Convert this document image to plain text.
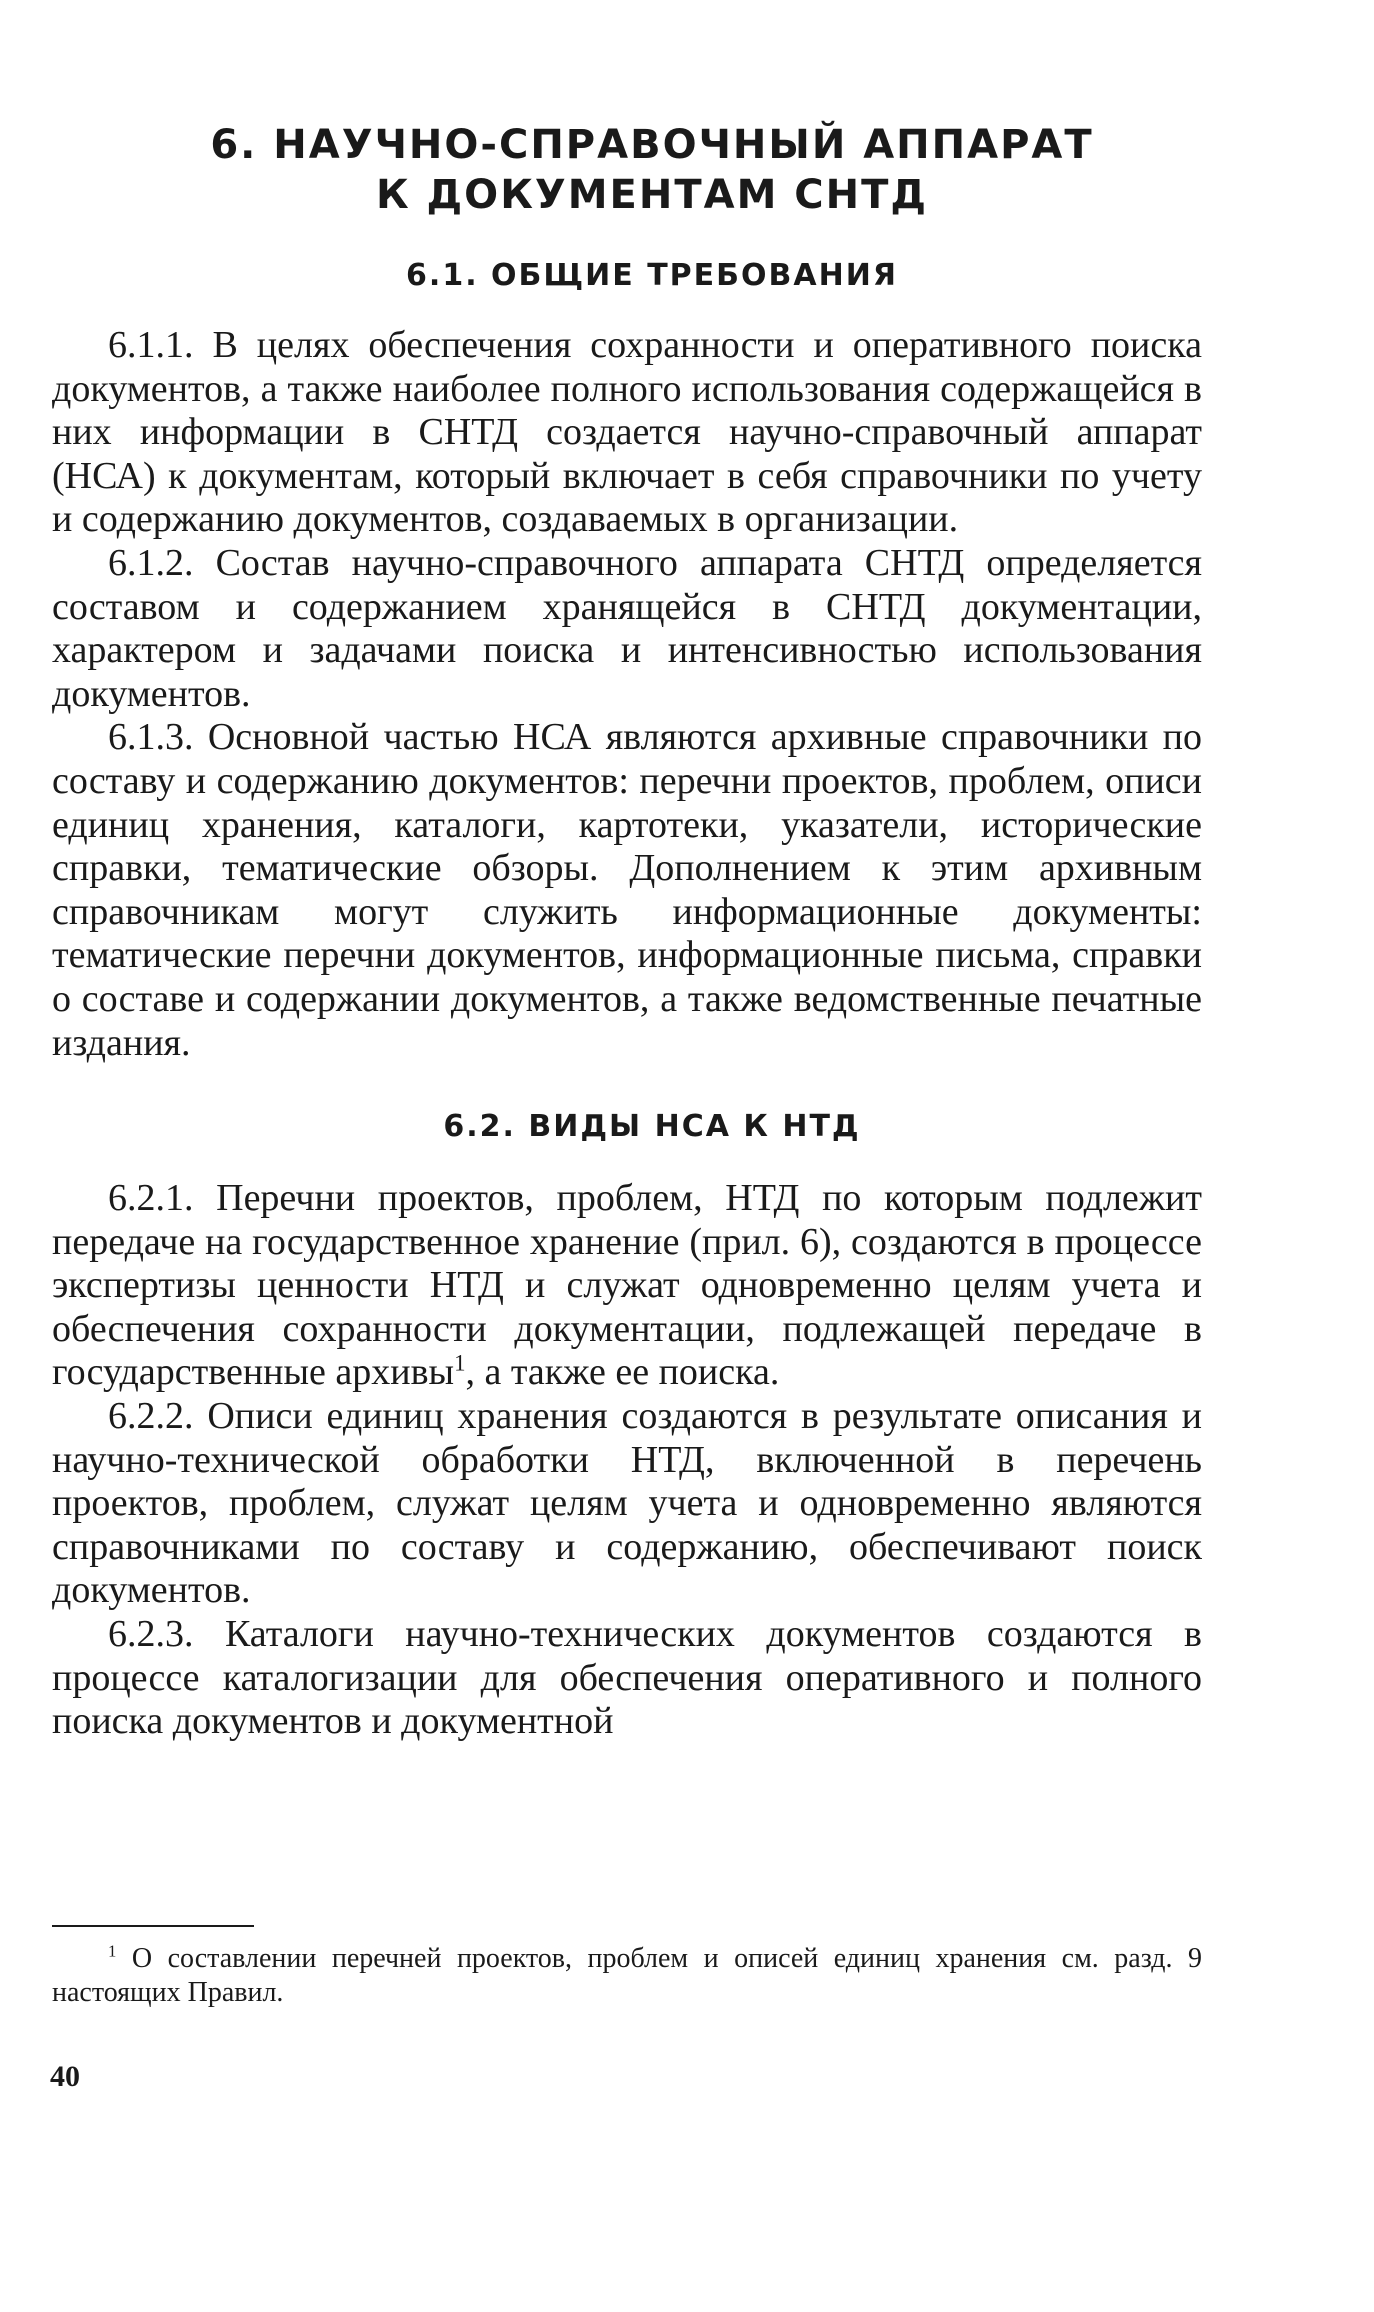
6. НАУЧНО-СПРАВОЧНЫЙ АППАРАТ
К ДОКУМЕНТАМ СНТД
6.1. ОБЩИЕ ТРЕБОВАНИЯ

6.1.1. В целях обеспечения сохранности и оперативного поиска документов, а также наиболее полного использования содержащейся в них информации в СНТД создается научно-справочный аппарат (НСА) к документам, который включает в себя справочники по учету и содержанию документов, создаваемых в организации.

6.1.2. Состав научно-справочного аппарата СНТД определяется составом и содержанием хранящейся в СНТД документации, характером и задачами поиска и интенсивностью использования документов.

6.1.3. Основной частью НСА являются архивные справочники по составу и содержанию документов: перечни проектов, проблем, описи единиц хранения, каталоги, картотеки, указатели, исторические справки, тематические обзоры. Дополнением к этим архивным справочникам могут служить информационные документы: тематические перечни документов, информационные письма, справки о составе и содержании документов, а также ведомственные печатные издания.

6.2. ВИДЫ НСА К НТД

6.2.1. Перечни проектов, проблем, НТД по которым подлежит передаче на государственное хранение (прил. 6), создаются в процессе экспертизы ценности НТД и служат одновременно целям учета и обеспечения сохранности документации, подлежащей передаче в государственные архивы$^1$, а также ее поиска.

6.2.2. Описи единиц хранения создаются в результате описания и научно-технической обработки НТД, включенной в перечень проектов, проблем, служат целям учета и одновременно являются справочниками по составу и содержанию, обеспечивают поиск документов.

6.2.3. Каталоги научно-технических документов создаются в процессе каталогизации для обеспечения оперативного и полного поиска документов и документной

$^1$ О составлении перечней проектов, проблем и описей единиц хранения см. разд. 9 настоящих Правил.

40
